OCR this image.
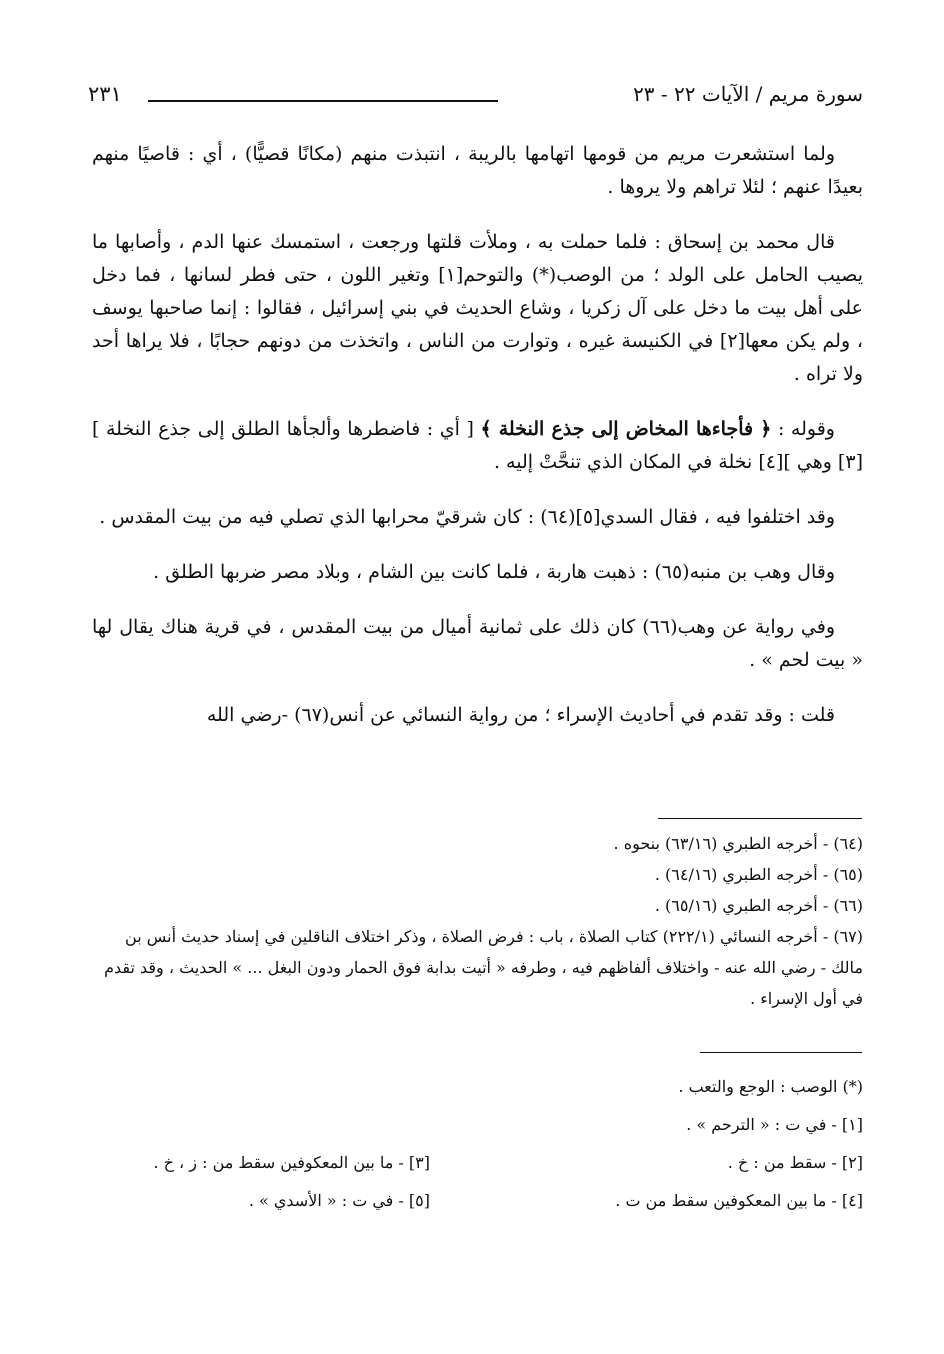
سورة مريم / الآيات ٢٢ - ٢٣
٢٣١

ولما استشعرت مريم من قومها اتهامها بالريبة ، انتبذت منهم (مكانًا قصيًّا) ، أي : قاصيًا منهم بعيدًا عنهم ؛ لئلا تراهم ولا يروها .

قال محمد بن إسحاق : فلما حملت به ، وملأت قلتها ورجعت ، استمسك عنها الدم ، وأصابها ما يصيب الحامل على الولد ؛ من الوصب(*) والتوحم[١] وتغير اللون ، حتى فطر لسانها ، فما دخل على أهل بيت ما دخل على آل زكريا ، وشاع الحديث في بني إسرائيل ، فقالوا : إنما صاحبها يوسف ، ولم يكن معها[٢] في الكنيسة غيره ، وتوارت من الناس ، واتخذت من دونهم حجابًا ، فلا يراها أحد ولا تراه .

وقوله : ﴿ فأجاءها المخاض إلى جذع النخلة ﴾ [ أي : فاضطرها وألجأها الطلق إلى جذع النخلة ][٣] وهي ][٤] نخلة في المكان الذي تنحَّتْ إليه .

وقد اختلفوا فيه ، فقال السدي[٥](٦٤) : كان شرقيّ محرابها الذي تصلي فيه من بيت المقدس .

وقال وهب بن منبه(٦٥) : ذهبت هاربة ، فلما كانت بين الشام ، وبلاد مصر ضربها الطلق .

وفي رواية عن وهب(٦٦) كان ذلك على ثمانية أميال من بيت المقدس ، في قرية هناك يقال لها « بيت لحم » .

قلت : وقد تقدم في أحاديث الإسراء ؛ من رواية النسائي عن أنس(٦٧) -رضي الله

(٦٤) - أخرجه الطبري (٦٣/١٦) بنحوه .

(٦٥) - أخرجه الطبري (٦٤/١٦) .

(٦٦) - أخرجه الطبري (٦٥/١٦) .

(٦٧) - أخرجه النسائي (٢٢٢/١) كتاب الصلاة ، باب : فرض الصلاة ، وذكر اختلاف الناقلين في إسناد حديث أنس بن مالك - رضي الله عنه - واختلاف ألفاظهم فيه ، وطرفه « أتيت بدابة فوق الحمار ودون البغل ... » الحديث ، وقد تقدم في أول الإسراء .

(*) الوصب : الوجع والتعب .

[١] - في ت : « الترحم » .

[٢] - سقط من : خ .
[٣] - ما بين المعكوفين سقط من : ز ، خ .
[٤] - ما بين المعكوفين سقط من ت .
[٥] - في ت : « الأسدي » .
